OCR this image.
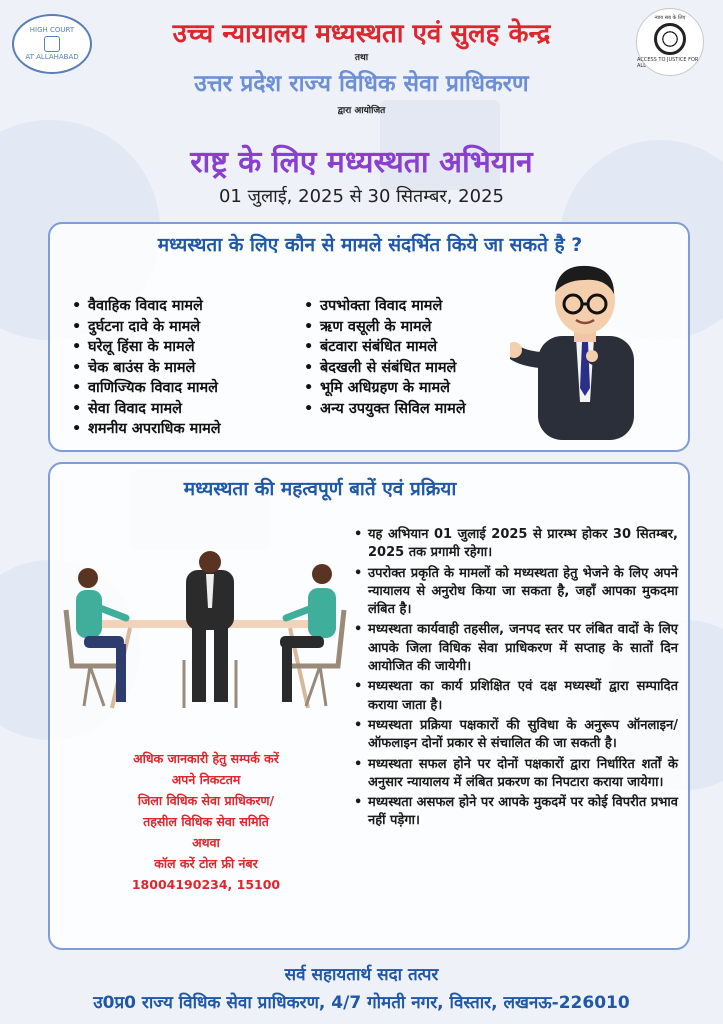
HIGH COURT
AT ALLAHABAD
न्याय सब के लिए
ACCESS TO JUSTICE FOR ALL
उच्च न्यायालय मध्यस्थता एवं सुलह केन्द्र
तथा
उत्तर प्रदेश राज्य विधिक सेवा प्राधिकरण
द्वारा आयोजित
राष्ट्र के लिए मध्यस्थता अभियान
01 जुलाई, 2025 से 30 सितम्बर, 2025
मध्यस्थता के लिए कौन से मामले संदर्भित किये जा सकते है ?
• वैवाहिक विवाद मामले
• दुर्घटना दावे के मामले
• घरेलू हिंसा के मामले
• चेक बाउंस के मामले
• वाणिज्यिक विवाद मामले
• सेवा विवाद मामले
• शमनीय अपराधिक मामले
• उपभोक्ता विवाद मामले
• ऋण वसूली के मामले
• बंटवारा संबंधित मामले
• बेदखली से संबंधित मामले
• भूमि अधिग्रहण के मामले
• अन्य उपयुक्त सिविल मामले
मध्यस्थता की महत्वपूर्ण बातें एवं प्रक्रिया
• यह अभियान 01 जुलाई 2025 से प्रारम्भ होकर 30 सितम्बर, 2025 तक प्रगामी रहेगा।
• उपरोक्त प्रकृति के मामलों को मध्यस्थता हेतु भेजने के लिए अपने न्यायालय से अनुरोध किया जा सकता है, जहाँ आपका मुकदमा लंबित है।
• मध्यस्थता कार्यवाही तहसील, जनपद स्तर पर लंबित वादों के लिए आपके जिला विधिक सेवा प्राधिकरण में सप्ताह के सातों दिन आयोजित की जायेगी।
• मध्यस्थता का कार्य प्रशिक्षित एवं दक्ष मध्यस्थों द्वारा सम्पादित कराया जाता है।
• मध्यस्थता प्रक्रिया पक्षकारों की सुविधा के अनुरूप ऑनलाइन/ऑफलाइन दोनों प्रकार से संचालित की जा सकती है।
• मध्यस्थता सफल होने पर दोनों पक्षकारों द्वारा निर्धारित शर्तों के अनुसार न्यायालय में लंबित प्रकरण का निपटारा कराया जायेगा।
• मध्यस्थता असफल होने पर आपके मुकदमें पर कोई विपरीत प्रभाव नहीं पड़ेगा।
अधिक जानकारी हेतु सम्पर्क करें
अपने निकटतम
जिला विधिक सेवा प्राधिकरण/
तहसील विधिक सेवा समिति
अथवा
कॉल करें टोल फ्री नंबर
18004190234, 15100
सर्व सहायतार्थ सदा तत्पर
उ0प्र0 राज्य विधिक सेवा प्राधिकरण, 4/7 गोमती नगर, विस्तार, लखनऊ-226010
